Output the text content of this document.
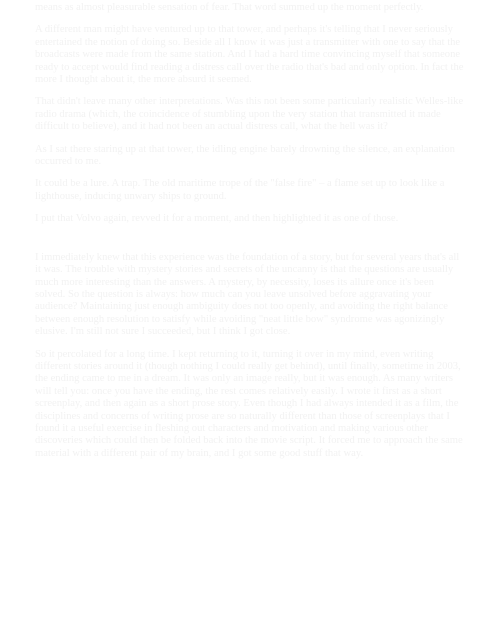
means as almost pleasurable sensation of fear. That word summed up the moment perfectly.

A different man might have ventured up to that tower, and perhaps it's telling that I never seriously entertained the notion of doing so. Beside all I know it was just a transmitter with one to say that the broadcasts were made from the same station. And I had a hard time convincing myself that someone ready to accept would find reading a distress call over the radio that's bad and only option. In fact the more I thought about it, the more absurd it seemed.

That didn't leave many other interpretations. Was this not been some particularly realistic Welles-like radio drama (which, the coincidence of stumbling upon the very station that transmitted it made difficult to believe), and it had not been an actual distress call, what the hell was it?

As I sat there staring up at that tower, the idling engine barely drowning the silence, an explanation occurred to me.

It could be a lure. A trap. The old maritime trope of the "false fire" – a flame set up to look like a lighthouse, inducing unwary ships to ground.

I put that Volvo again, revved it for a moment, and then highlighted it as one of those.

I immediately knew that this experience was the foundation of a story, but for several years that's all it was. The trouble with mystery stories and secrets of the uncanny is that the questions are usually much more interesting than the answers. A mystery, by necessity, loses its allure once it's been solved. So the question is always: how much can you leave unsolved before aggravating your audience? Maintaining just enough ambiguity does not too openly, and avoiding the right balance between enough resolution to satisfy while avoiding "neat little bow" syndrome was agonizingly elusive. I'm still not sure I succeeded, but I think I got close.

So it percolated for a long time. I kept returning to it, turning it over in my mind, even writing different stories around it (though nothing I could really get behind), until finally, sometime in 2003, the ending came to me in a dream. It was only an image really, but it was enough. As many writers will tell you: once you have the ending, the rest comes relatively easily. I wrote it first as a short screenplay, and then again as a short prose story. Even though I had always intended it as a film, the disciplines and concerns of writing prose are so naturally different than those of screenplays that I found it a useful exercise in fleshing out characters and motivation and making various other discoveries which could then be folded back into the movie script. It forced me to approach the same material with a different pair of my brain, and I got some good stuff that way.
